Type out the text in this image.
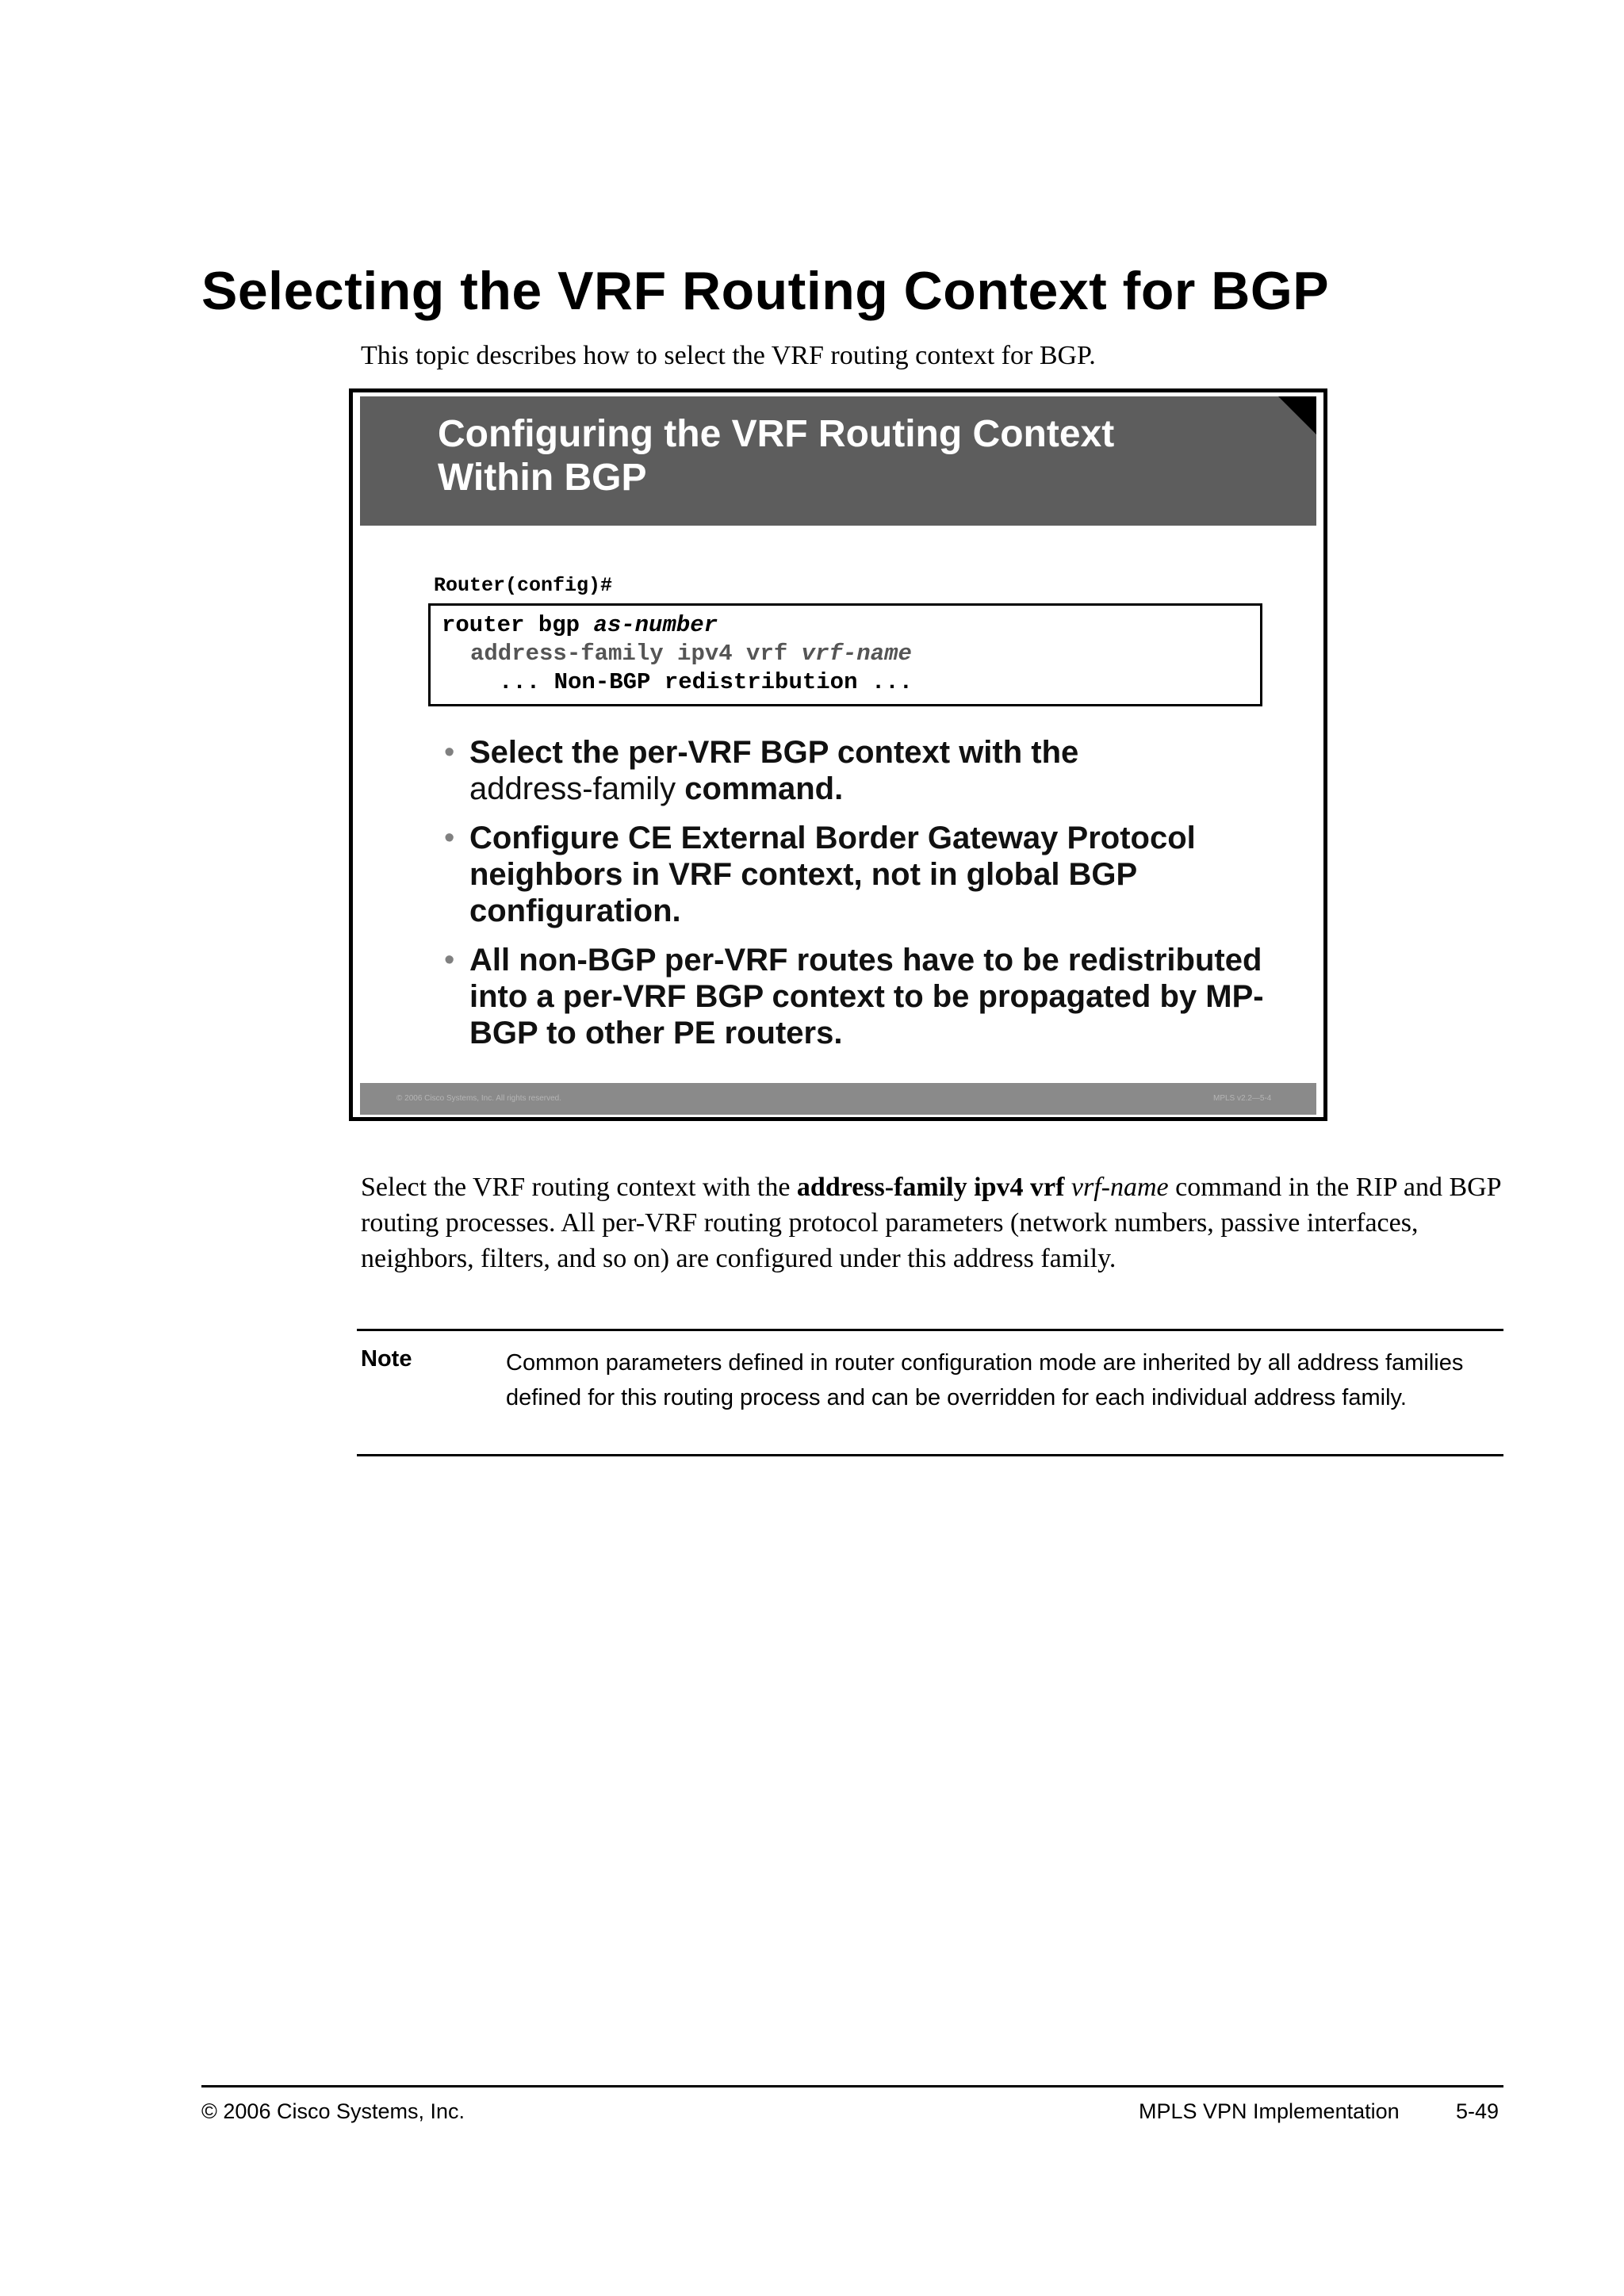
Selecting the VRF Routing Context for BGP
This topic describes how to select the VRF routing context for BGP.
Configuring the VRF Routing Context
Within BGP
Router(config)#
router bgp as-number
address-family ipv4 vrf vrf-name
... Non-BGP redistribution ...
• Select the per-VRF BGP context with the
address-family command.
• Configure CE External Border Gateway Protocol neighbors in VRF context, not in global BGP configuration.
• All non-BGP per-VRF routes have to be redistributed into a per-VRF BGP context to be propagated by MP-BGP to other PE routers.
© 2006 Cisco Systems, Inc. All rights reserved.	MPLS v2.2—5-4
Select the VRF routing context with the address-family ipv4 vrf vrf-name command in the RIP and BGP routing processes. All per-VRF routing protocol parameters (network numbers, passive interfaces, neighbors, filters, and so on) are configured under this address family.
Note	Common parameters defined in router configuration mode are inherited by all address families defined for this routing process and can be overridden for each individual address family.
© 2006 Cisco Systems, Inc.	MPLS VPN Implementation	5-49
